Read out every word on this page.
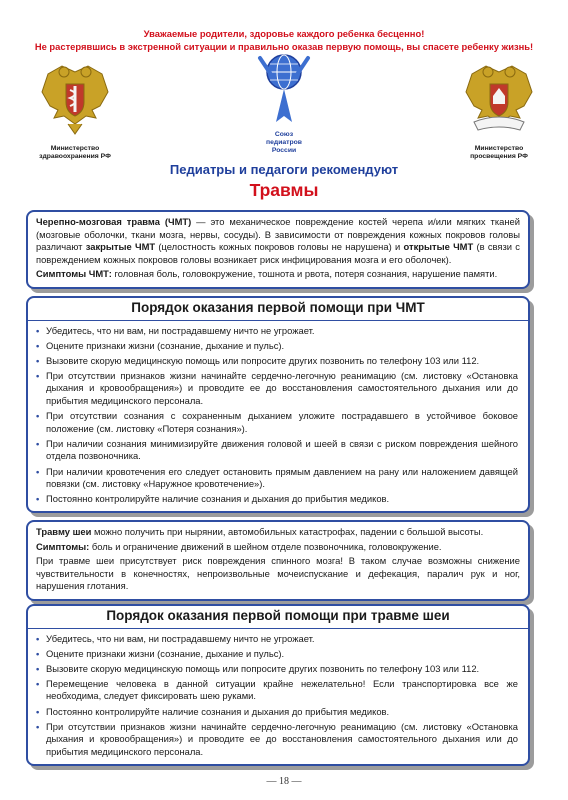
Уважаемые родители, здоровье каждого ребенка бесценно!
Не растерявшись в экстренной ситуации и правильно оказав первую помощь, вы спасете ребенку жизнь!
Министерство
здравоохранения РФ
Союз
педиатров
России	Министерство
просвещения РФ
Педиатры и педагоги рекомендуют
Травмы

Черепно-мозговая травма (ЧМТ) — это механическое повреждение костей черепа и/или мягких тканей (мозговые оболочки, ткани мозга, нервы, сосуды). В зависимости от повреждения кожных покровов головы различают закрытые ЧМТ (целостность кожных покровов головы не нарушена) и открытые ЧМТ (в связи с повреждением кожных покровов головы возникает риск инфицирования мозга и его оболочек).

Симптомы ЧМТ: головная боль, головокружение, тошнота и рвота, потеря сознания, нарушение памяти.

Порядок оказания первой помощи при ЧМТ
• Убедитесь, что ни вам, ни пострадавшему ничто не угрожает.
• Оцените признаки жизни (сознание, дыхание и пульс).
• Вызовите скорую медицинскую помощь или попросите других позвонить по телефону 103 или 112.
• При отсутствии признаков жизни начинайте сердечно-легочную реанимацию (см. листовку «Остановка дыхания и кровообращения») и проводите ее до восстановления самостоятельного дыхания или до прибытия медицинского персонала.
• При отсутствии сознания с сохраненным дыханием уложите пострадавшего в устойчивое боковое положение (см. листовку «Потеря сознания»).
• При наличии сознания минимизируйте движения головой и шеей в связи с риском повреждения шейного отдела позвоночника.
• При наличии кровотечения его следует остановить прямым давлением на рану или наложением давящей повязки (см. листовку «Наружное кровотечение»).
• Постоянно контролируйте наличие сознания и дыхания до прибытия медиков.

Травму шеи можно получить при нырянии, автомобильных катастрофах, падении с большой высоты.

Симптомы: боль и ограничение движений в шейном отделе позвоночника, головокружение.

При травме шеи присутствует риск повреждения спинного мозга! В таком случае возможны снижение чувствительности в конечностях, непроизвольные мочеиспускание и дефекация, паралич рук и ног, нарушения глотания.

Порядок оказания первой помощи при травме шеи
• Убедитесь, что ни вам, ни пострадавшему ничто не угрожает.
• Оцените признаки жизни (сознание, дыхание и пульс).
• Вызовите скорую медицинскую помощь или попросите других позвонить по телефону 103 или 112.
• Перемещение человека в данной ситуации крайне нежелательно! Если транспортировка все же необходима, следует фиксировать шею руками.
• Постоянно контролируйте наличие сознания и дыхания до прибытия медиков.
• При отсутствии признаков жизни начинайте сердечно-легочную реанимацию (см. листовку «Остановка дыхания и кровообращения») и проводите ее до восстановления самостоятельного дыхания или до прибытия медицинского персонала.
— 18 —
